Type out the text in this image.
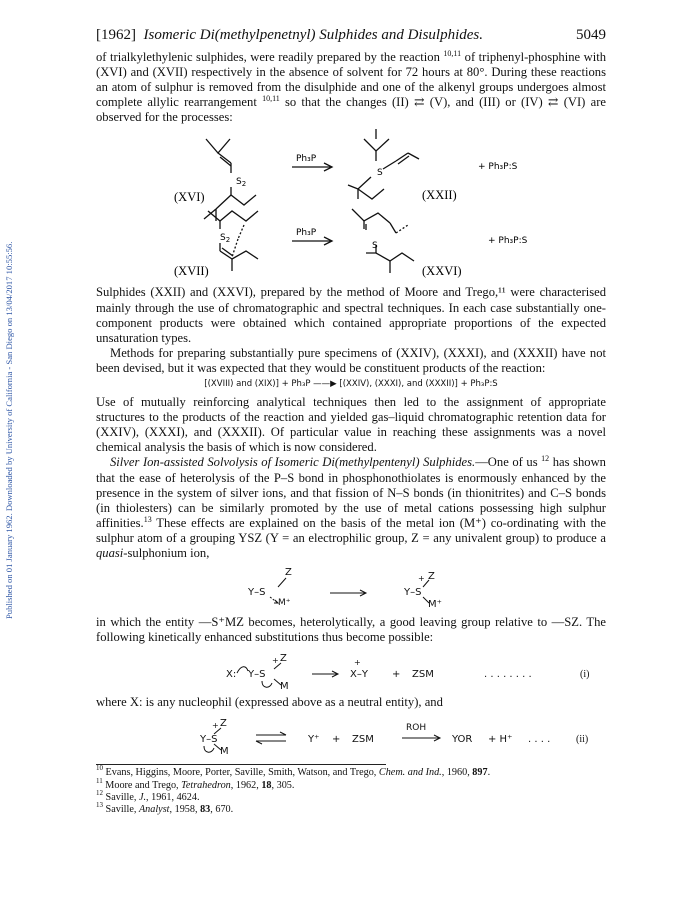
Published on 01 January 1962. Downloaded by University of California - San Diego on 13/04/2017 10:55:56.
[1962] Isomeric Di(methylpenetnyl) Sulphides and Disulphides.	5049

of trialkylethylenic sulphides, were readily prepared by the reaction $^{10,11}$ of triphenyl-phosphine with (XVI) and (XVII) respectively in the absence of solvent for 72 hours at 80°. During these reactions an atom of sulphur is removed from the disulphide and one of the alkenyl groups undergoes almost complete allylic rearrangement $^{10,11}$ so that the changes (II) ⇄ (V), and (III) or (IV) ⇄ (VI) are observed for the processes:

$S_2$
$S_2$
S
S
Ph₃P
Ph₃P
+ Ph₃P:S
+ Ph₃P:S
(XVI)	(XXII)
(XVII)	(XXVI)

Sulphides (XXII) and (XXVI), prepared by the method of Moore and Trego,¹¹ were characterised mainly through the use of chromatographic and spectral techniques. In each case substantially one-component products were obtained which contained appropriate proportions of the expected unsaturation types.

Methods for preparing substantially pure specimens of (XXIV), (XXXI), and (XXXII) have not been devised, but it was expected that they would be constituent products of the reaction:

[(XVIII) and (XIX)] + Ph₃P ——▶ [(XXIV), (XXXI), and (XXXII)] + Ph₃P:S

Use of mutually reinforcing analytical techniques then led to the assignment of appropriate structures to the products of the reaction and yielded gas–liquid chromatographic retention data for (XXIV), (XXXI), and (XXXII). Of particular value in reaching these assignments was a novel chemical analysis the basis of which is now considered.

Silver Ion-assisted Solvolysis of Isomeric Di(methylpentenyl) Sulphides.—One of us $^{12}$ has shown that the ease of heterolysis of the P–S bond in phosphonothiolates is enormously enhanced by the presence in the system of silver ions, and that fission of N–S bonds (in thionitrites) and C–S bonds (in thiolesters) can be similarly promoted by the use of metal cations possessing high sulphur affinities.$^{13}$ These effects are explained on the basis of the metal ion (M⁺) co-ordinating with the sulphur atom of a grouping YSZ (Y = an electrophilic group, Z = any univalent group) to produce a quasi-sulphonium ion,

Z
Y–S
M⁺
Y–S
+ Z
M⁺

in which the entity —S⁺MZ becomes, heterolytically, a good leaving group relative to —SZ. The following kinetically enhanced substitutions thus become possible:

X: Y–S
+ Z
M
+
X–Y + ZSM	. . . . . . . .	(i)

where X: is any nucleophil (expressed above as a neutral entity), and

Y–S
+ Z
M
Y⁺ + ZSM
ROH
YOR + H⁺ . . . .	(ii)

$^{10}$ Evans, Higgins, Moore, Porter, Saville, Smith, Watson, and Trego, Chem. and Ind., 1960, 897.

$^{11}$ Moore and Trego, Tetrahedron, 1962, 18, 305.

$^{12}$ Saville, J., 1961, 4624.

$^{13}$ Saville, Analyst, 1958, 83, 670.
